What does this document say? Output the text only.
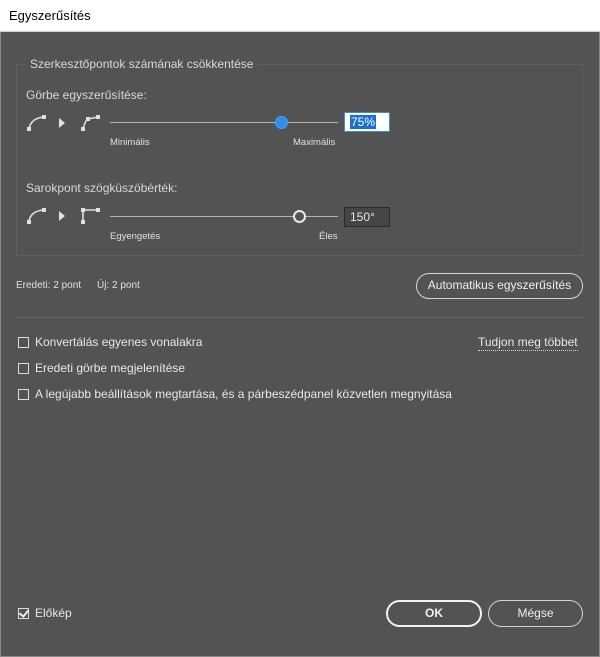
Egyszerűsítés
Szerkesztőpontok számának csökkentése
Görbe egyszerűsítése:
Minimális	Maximális
75%
Sarokpont szögküszöbérték:
Egyengetés	Éles
150°
Eredeti: 2 pont Új: 2 pont	Automatikus egyszerűsítés
Konvertálás egyenes vonalakra
Eredeti görbe megjelenítése
A legújabb beállítások megtartása, és a párbeszédpanel közvetlen megnyitása
Tudjon meg többet
Előkép	OK	Mégse
